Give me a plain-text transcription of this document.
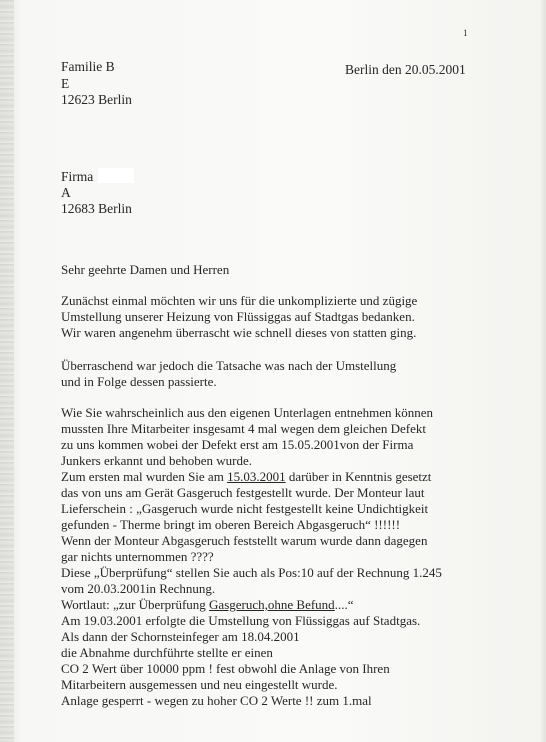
1

Familie B

E

12623 Berlin

Berlin den 20.05.2001

Firma

A

12683 Berlin

Sehr geehrte Damen und Herren

Zunächst einmal möchten wir uns für die unkomplizierte und zügige

Umstellung unserer Heizung von Flüssiggas auf Stadtgas bedanken.

Wir waren angenehm überrascht wie schnell dieses von statten ging.

Überraschend war jedoch die Tatsache was nach der Umstellung

und in Folge dessen passierte.

Wie Sie wahrscheinlich aus den eigenen Unterlagen entnehmen können

mussten Ihre Mitarbeiter insgesamt 4 mal wegen dem gleichen Defekt

zu uns kommen wobei der Defekt erst am 15.05.2001von der Firma

Junkers erkannt und behoben wurde.

Zum ersten mal wurden Sie am 15.03.2001 darüber in Kenntnis gesetzt

das von uns am Gerät Gasgeruch festgestellt wurde. Der Monteur laut

Lieferschein : „Gasgeruch wurde nicht festgestellt keine Undichtigkeit

gefunden - Therme bringt im oberen Bereich Abgasgeruch“ !!!!!!

Wenn der Monteur Abgasgeruch feststellt warum wurde dann dagegen

gar nichts unternommen ????

Diese „Überprüfung“ stellen Sie auch als Pos:10 auf der Rechnung 1.245

vom 20.03.2001in Rechnung.

Wortlaut: „zur Überprüfung Gasgeruch,ohne Befund....“

Am 19.03.2001 erfolgte die Umstellung von Flüssiggas auf Stadtgas.

Als dann der Schornsteinfeger am 18.04.2001

die Abnahme durchführte stellte er einen

CO 2 Wert über 10000 ppm ! fest obwohl die Anlage von Ihren

Mitarbeitern ausgemessen und neu eingestellt wurde.

Anlage gesperrt - wegen zu hoher CO 2 Werte !! zum 1.mal
